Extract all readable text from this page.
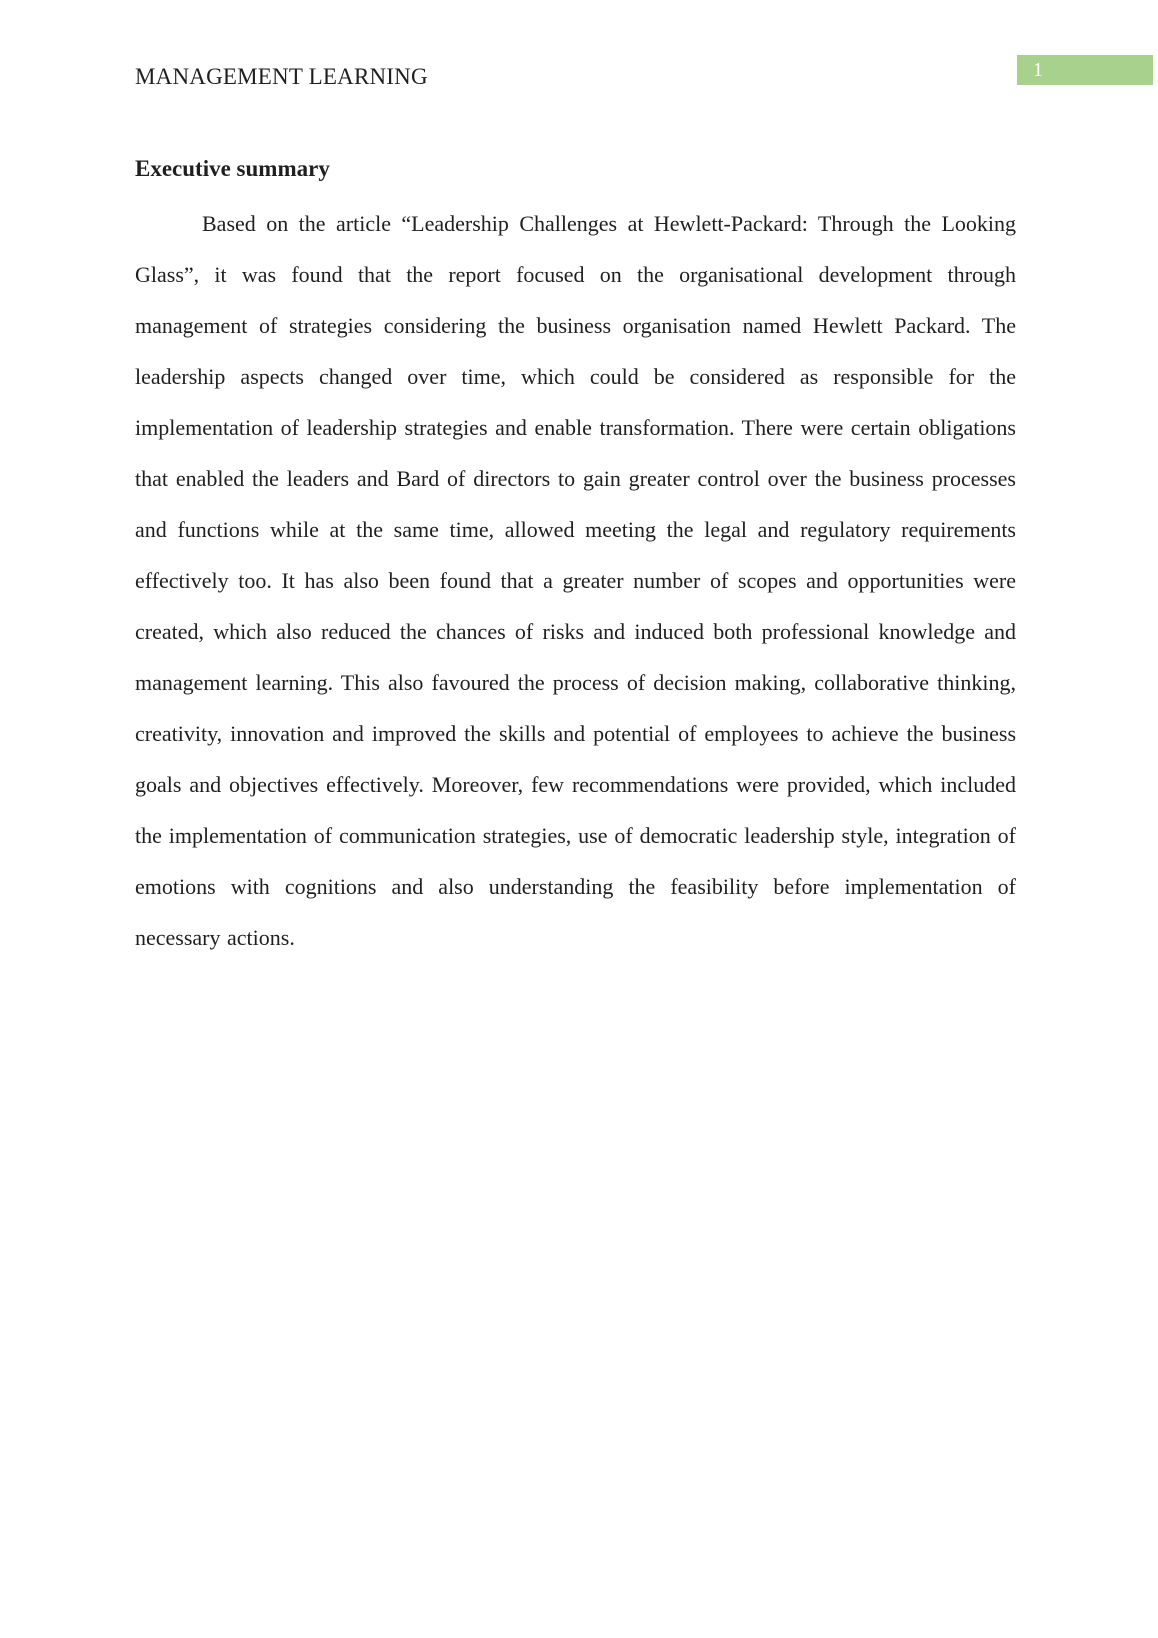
MANAGEMENT LEARNING	1
Executive summary

Based on the article “Leadership Challenges at Hewlett-Packard: Through the Looking Glass”, it was found that the report focused on the organisational development through management of strategies considering the business organisation named Hewlett Packard. The leadership aspects changed over time, which could be considered as responsible for the implementation of leadership strategies and enable transformation. There were certain obligations that enabled the leaders and Bard of directors to gain greater control over the business processes and functions while at the same time, allowed meeting the legal and regulatory requirements effectively too. It has also been found that a greater number of scopes and opportunities were created, which also reduced the chances of risks and induced both professional knowledge and management learning. This also favoured the process of decision making, collaborative thinking, creativity, innovation and improved the skills and potential of employees to achieve the business goals and objectives effectively. Moreover, few recommendations were provided, which included the implementation of communication strategies, use of democratic leadership style, integration of emotions with cognitions and also understanding the feasibility before implementation of necessary actions.
